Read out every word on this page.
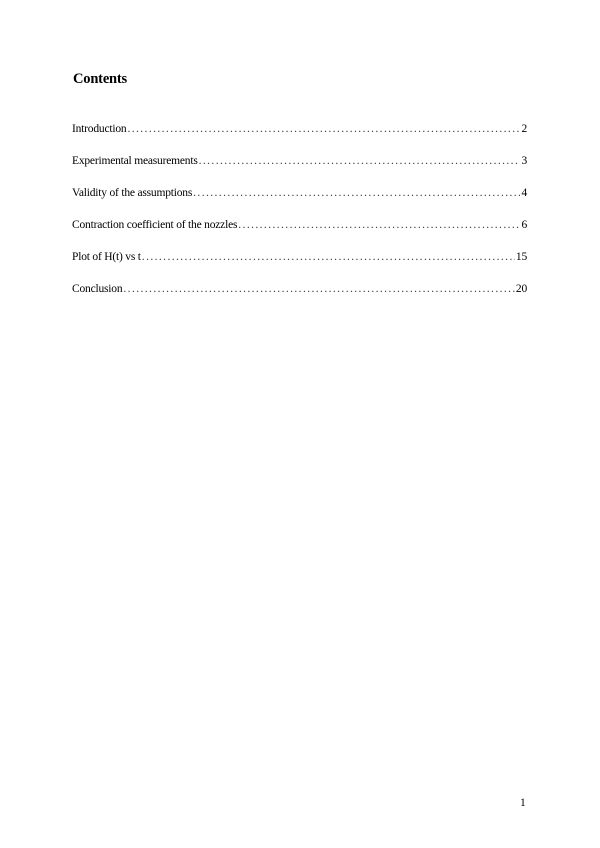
Contents
Introduction .....	2
Experimental measurements .....	3
Validity of the assumptions .....	4
Contraction coefficient of the nozzles .....	6
Plot of H(t) vs t .....	15
Conclusion .....	20
1
